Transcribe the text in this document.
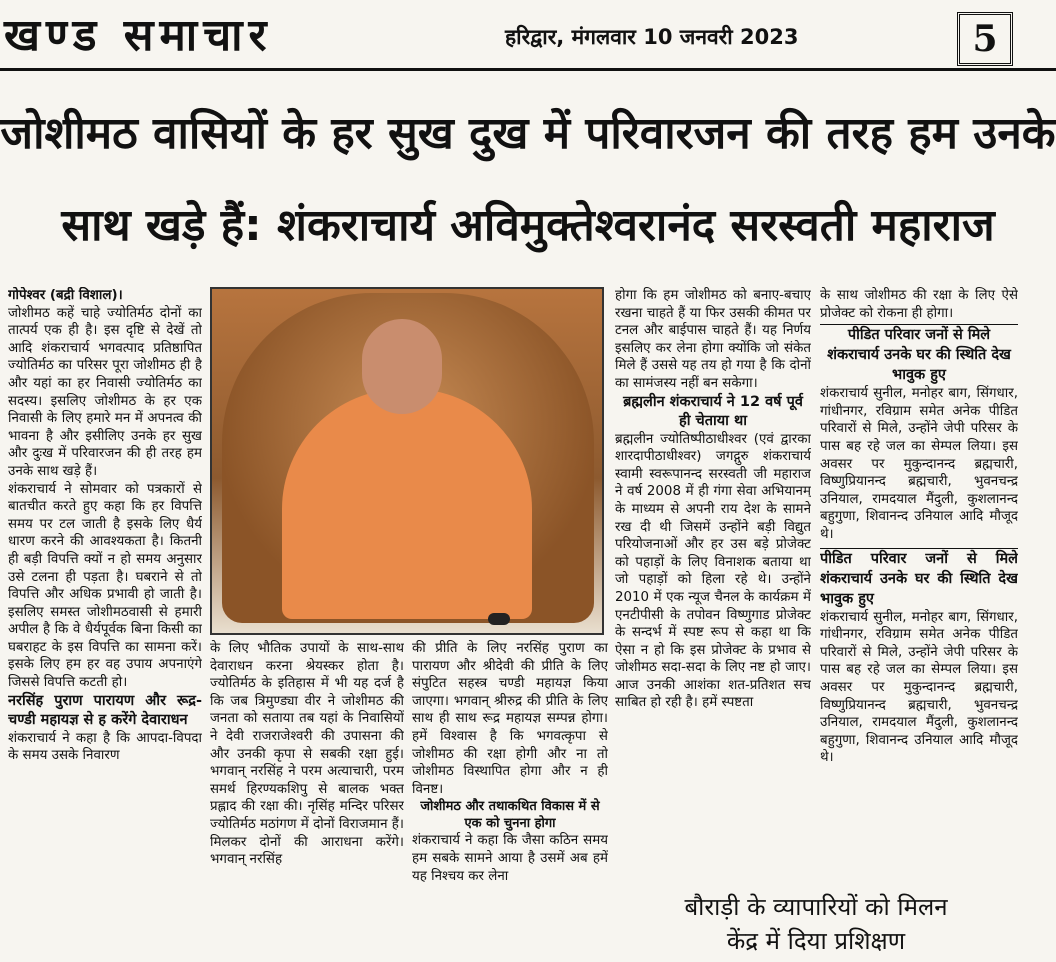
खण्ड समाचार	हरिद्वार, मंगलवार 10 जनवरी 2023	5
जोशीमठ वासियों के हर सुख दुख में परिवारजन की तरह हम उनके
साथ खड़े हैं: शंकराचार्य अविमुक्तेश्वरानंद सरस्वती महाराज

गोपेश्वर (बद्री विशाल)।

जोशीमठ कहें चाहे ज्योतिर्मठ दोनों का तात्पर्य एक ही है। इस दृष्टि से देखें तो आदि शंकराचार्य भगवत्पाद प्रतिष्ठापित ज्योतिर्मठ का परिसर पूरा जोशीमठ ही है और यहां का हर निवासी ज्योतिर्मठ का सदस्य। इसलिए जोशीमठ के हर एक निवासी के लिए हमारे मन में अपनत्व की भावना है और इसीलिए उनके हर सुख और दुःख में परिवारजन की ही तरह हम उनके साथ खड़े हैं।

शंकराचार्य ने सोमवार को पत्रकारों से बातचीत करते हुए कहा कि हर विपत्ति समय पर टल जाती है इसके लिए धैर्य धारण करने की आवश्यकता है। कितनी ही बड़ी विपत्ति क्यों न हो समय अनुसार उसे टलना ही पड़ता है। घबराने से तो विपत्ति और अधिक प्रभावी हो जाती है। इसलिए समस्त जोशीमठवासी से हमारी अपील है कि वे धैर्यपूर्वक बिना किसी का घबराहट के इस विपत्ति का सामना करें। इसके लिए हम हर वह उपाय अपनाएंगे जिससे विपत्ति कटती हो।

नरसिंह पुराण पारायण और रूद्र-चण्डी महायज्ञ से ह करेंगे देवाराधन

शंकराचार्य ने कहा है कि आपदा-विपदा के समय उसके निवारण

के लिए भौतिक उपायों के साथ-साथ देवाराधन करना श्रेयस्कर होता है। ज्योतिर्मठ के इतिहास में भी यह दर्ज है कि जब त्रिमुण्ड्या वीर ने जोशीमठ की जनता को सताया तब यहां के निवासियों ने देवी राजराजेश्वरी की उपासना की और उनकी कृपा से सबकी रक्षा हुई। भगवान् नरसिंह ने परम अत्याचारी, परम समर्थ हिरण्यकशिपु से बालक भक्त प्रह्लाद की रक्षा की। नृसिंह मन्दिर परिसर ज्योतिर्मठ मठांगण में दोनों विराजमान हैं। मिलकर दोनों की आराधना करेंगे। भगवान् नरसिंह

की प्रीति के लिए नरसिंह पुराण का पारायण और श्रीदेवी की प्रीति के लिए संपुटित सहस्त्र चण्डी महायज्ञ किया जाएगा। भगवान् श्रीरुद्र की प्रीति के लिए साथ ही साथ रूद्र महायज्ञ सम्पन्न होगा। हमें विश्वास है कि भगवत्कृपा से जोशीमठ की रक्षा होगी और ना तो जोशीमठ विस्थापित होगा और न ही विनष्ट।

जोशीमठ और तथाकथित विकास में से एक को चुनना होगा

शंकराचार्य ने कहा कि जैसा कठिन समय हम सबके सामने आया है उसमें अब हमें यह निश्चय कर लेना

होगा कि हम जोशीमठ को बनाए-बचाए रखना चाहते हैं या फिर उसकी कीमत पर टनल और बाईपास चाहते हैं। यह निर्णय इसलिए कर लेना होगा क्योंकि जो संकेत मिले हैं उससे यह तय हो गया है कि दोनों का सामंजस्य नहीं बन सकेगा।

ब्रह्मलीन शंकराचार्य ने 12 वर्ष पूर्व ही चेताया था

ब्रह्मलीन ज्योतिष्पीठाधीश्वर (एवं द्वारका शारदापीठाधीश्वर) जगद्गुरु शंकराचार्य स्वामी स्वरूपानन्द सरस्वती जी महाराज ने वर्ष 2008 में ही गंगा सेवा अभियानम् के माध्यम से अपनी राय देश के सामने रख दी थी जिसमें उन्होंने बड़ी विद्युत परियोजनाओं और हर उस बड़े प्रोजेक्ट को पहाड़ों के लिए विनाशक बताया था जो पहाड़ों को हिला रहे थे। उन्होंने 2010 में एक न्यूज चैनल के कार्यक्रम में एनटीपीसी के तपोवन विष्णुगाड प्रोजेक्ट के सन्दर्भ में स्पष्ट रूप से कहा था कि ऐसा न हो कि इस प्रोजेक्ट के प्रभाव से जोशीमठ सदा-सदा के लिए नष्ट हो जाए। आज उनकी आशंका शत-प्रतिशत सच साबित हो रही है। हमें स्पष्टता

के साथ जोशीमठ की रक्षा के लिए ऐसे प्रोजेक्ट को रोकना ही होगा।

पीडित परिवार जनों से मिले शंकराचार्य उनके घर की स्थिति देख भावुक हुए

शंकराचार्य सुनील, मनोहर बाग, सिंगधार, गांधीनगर, रविग्राम समेत अनेक पीडित परिवारों से मिले, उन्होंने जेपी परिसर के पास बह रहे जल का सेम्पल लिया। इस अवसर पर मुकुन्दानन्द ब्रह्मचारी, विष्णुप्रियानन्द ब्रह्मचारी, भुवनचन्द्र उनियाल, रामदयाल मैंदुली, कुशलानन्द बहुगुणा, शिवानन्द उनियाल आदि मौजूद थे।

पीडित परिवार जनों से मिले शंकराचार्य उनके घर की स्थिति देख भावुक हुए

शंकराचार्य सुनील, मनोहर बाग, सिंगधार, गांधीनगर, रविग्राम समेत अनेक पीडित परिवारों से मिले, उन्होंने जेपी परिसर के पास बह रहे जल का सेम्पल लिया। इस अवसर पर मुकुन्दानन्द ब्रह्मचारी, विष्णुप्रियानन्द ब्रह्मचारी, भुवनचन्द्र उनियाल, रामदयाल मैंदुली, कुशलानन्द बहुगुणा, शिवानन्द उनियाल आदि मौजूद थे।

बौराड़ी के व्यापारियों को मिलन
केंद्र में दिया प्रशिक्षण
